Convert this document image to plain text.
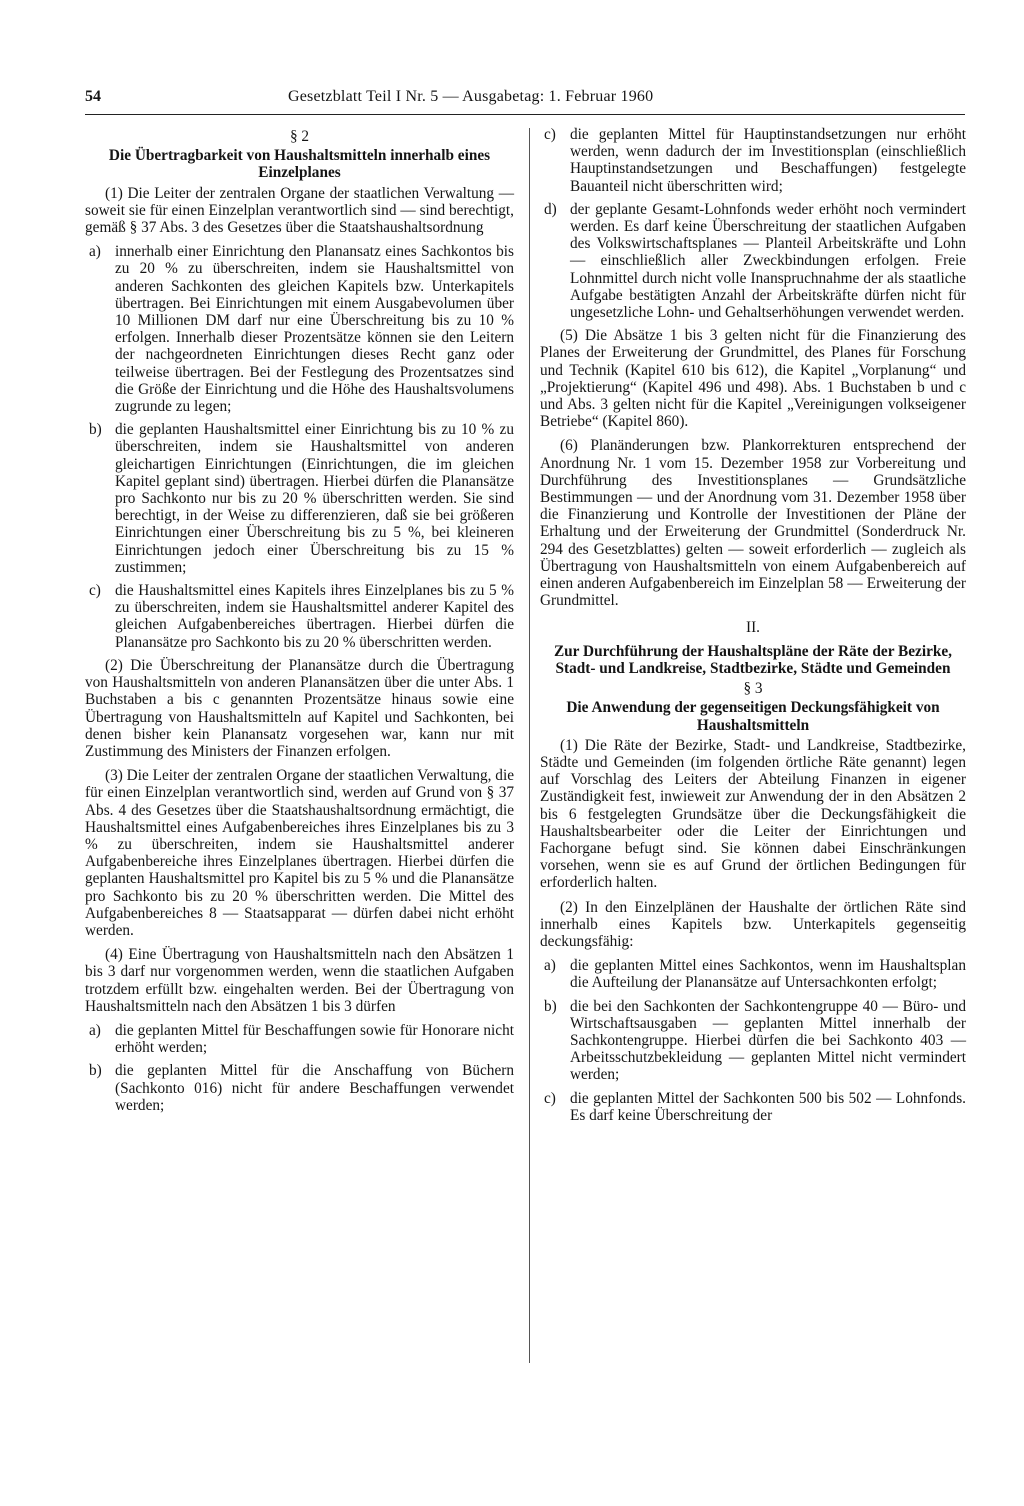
54	Gesetzblatt Teil I Nr. 5 — Ausgabetag: 1. Februar 1960
§ 2
Die Übertragbarkeit von Haushaltsmitteln innerhalb eines Einzelplanes

(1) Die Leiter der zentralen Organe der staatlichen Verwaltung — soweit sie für einen Einzelplan verantwortlich sind — sind berechtigt, gemäß § 37 Abs. 3 des Gesetzes über die Staatshaushaltsordnung

a) innerhalb einer Einrichtung den Planansatz eines Sachkontos bis zu 20 % zu überschreiten, indem sie Haushaltsmittel von anderen Sachkonten des gleichen Kapitels bzw. Unterkapitels übertragen. Bei Einrichtungen mit einem Ausgabevolumen über 10 Millionen DM darf nur eine Überschreitung bis zu 10 % erfolgen. Innerhalb dieser Prozentsätze können sie den Leitern der nachgeordneten Einrichtungen dieses Recht ganz oder teilweise übertragen. Bei der Festlegung des Prozentsatzes sind die Größe der Einrichtung und die Höhe des Haushaltsvolumens zugrunde zu legen;
b) die geplanten Haushaltsmittel einer Einrichtung bis zu 10 % zu überschreiten, indem sie Haushaltsmittel von anderen gleichartigen Einrichtungen (Einrichtungen, die im gleichen Kapitel geplant sind) übertragen. Hierbei dürfen die Planansätze pro Sachkonto nur bis zu 20 % überschritten werden. Sie sind berechtigt, in der Weise zu differenzieren, daß sie bei größeren Einrichtungen einer Überschreitung bis zu 5 %, bei kleineren Einrichtungen jedoch einer Überschreitung bis zu 15 % zustimmen;
c) die Haushaltsmittel eines Kapitels ihres Einzelplanes bis zu 5 % zu überschreiten, indem sie Haushaltsmittel anderer Kapitel des gleichen Aufgabenbereiches übertragen. Hierbei dürfen die Planansätze pro Sachkonto bis zu 20 % überschritten werden.

(2) Die Überschreitung der Planansätze durch die Übertragung von Haushaltsmitteln von anderen Planansätzen über die unter Abs. 1 Buchstaben a bis c genannten Prozentsätze hinaus sowie eine Übertragung von Haushaltsmitteln auf Kapitel und Sachkonten, bei denen bisher kein Planansatz vorgesehen war, kann nur mit Zustimmung des Ministers der Finanzen erfolgen.

(3) Die Leiter der zentralen Organe der staatlichen Verwaltung, die für einen Einzelplan verantwortlich sind, werden auf Grund von § 37 Abs. 4 des Gesetzes über die Staatshaushaltsordnung ermächtigt, die Haushaltsmittel eines Aufgabenbereiches ihres Einzelplanes bis zu 3 % zu überschreiten, indem sie Haushaltsmittel anderer Aufgabenbereiche ihres Einzelplanes übertragen. Hierbei dürfen die geplanten Haushaltsmittel pro Kapitel bis zu 5 % und die Planansätze pro Sachkonto bis zu 20 % überschritten werden. Die Mittel des Aufgabenbereiches 8 — Staatsapparat — dürfen dabei nicht erhöht werden.

(4) Eine Übertragung von Haushaltsmitteln nach den Absätzen 1 bis 3 darf nur vorgenommen werden, wenn die staatlichen Aufgaben trotzdem erfüllt bzw. eingehalten werden. Bei der Übertragung von Haushaltsmitteln nach den Absätzen 1 bis 3 dürfen

a) die geplanten Mittel für Beschaffungen sowie für Honorare nicht erhöht werden;
b) die geplanten Mittel für die Anschaffung von Büchern (Sachkonto 016) nicht für andere Beschaffungen verwendet werden;
c) die geplanten Mittel für Hauptinstandsetzungen nur erhöht werden, wenn dadurch der im Investitionsplan (einschließlich Hauptinstandsetzungen und Beschaffungen) festgelegte Bauanteil nicht überschritten wird;
d) der geplante Gesamt-Lohnfonds weder erhöht noch vermindert werden. Es darf keine Überschreitung der staatlichen Aufgaben des Volkswirtschaftsplanes — Planteil Arbeitskräfte und Lohn — einschließlich aller Zweckbindungen erfolgen. Freie Lohnmittel durch nicht volle Inanspruchnahme der als staatliche Aufgabe bestätigten Anzahl der Arbeitskräfte dürfen nicht für ungesetzliche Lohn- und Gehaltserhöhungen verwendet werden.

(5) Die Absätze 1 bis 3 gelten nicht für die Finanzierung des Planes der Erweiterung der Grundmittel, des Planes für Forschung und Technik (Kapitel 610 bis 612), die Kapitel „Vorplanung“ und „Projektierung“ (Kapitel 496 und 498). Abs. 1 Buchstaben b und c und Abs. 3 gelten nicht für die Kapitel „Vereinigungen volkseigener Betriebe“ (Kapitel 860).

(6) Planänderungen bzw. Plankorrekturen entsprechend der Anordnung Nr. 1 vom 15. Dezember 1958 zur Vorbereitung und Durchführung des Investitionsplanes — Grundsätzliche Bestimmungen — und der Anordnung vom 31. Dezember 1958 über die Finanzierung und Kontrolle der Investitionen der Pläne der Erhaltung und der Erweiterung der Grundmittel (Sonderdruck Nr. 294 des Gesetzblattes) gelten — soweit erforderlich — zugleich als Übertragung von Haushaltsmitteln von einem Aufgabenbereich auf einen anderen Aufgabenbereich im Einzelplan 58 — Erweiterung der Grundmittel.

II.
Zur Durchführung der Haushaltspläne der Räte der Bezirke, Stadt- und Landkreise, Stadtbezirke, Städte und Gemeinden
§ 3
Die Anwendung der gegenseitigen Deckungsfähigkeit von Haushaltsmitteln

(1) Die Räte der Bezirke, Stadt- und Landkreise, Stadtbezirke, Städte und Gemeinden (im folgenden örtliche Räte genannt) legen auf Vorschlag des Leiters der Abteilung Finanzen in eigener Zuständigkeit fest, inwieweit zur Anwendung der in den Absätzen 2 bis 6 festgelegten Grundsätze über die Deckungsfähigkeit die Haushaltsbearbeiter oder die Leiter der Einrichtungen und Fachorgane befugt sind. Sie können dabei Einschränkungen vorsehen, wenn sie es auf Grund der örtlichen Bedingungen für erforderlich halten.

(2) In den Einzelplänen der Haushalte der örtlichen Räte sind innerhalb eines Kapitels bzw. Unterkapitels gegenseitig deckungsfähig:

a) die geplanten Mittel eines Sachkontos, wenn im Haushaltsplan die Aufteilung der Planansätze auf Untersachkonten erfolgt;
b) die bei den Sachkonten der Sachkontengruppe 40 — Büro- und Wirtschaftsausgaben — geplanten Mittel innerhalb der Sachkontengruppe. Hierbei dürfen die bei Sachkonto 403 — Arbeitsschutzbekleidung — geplanten Mittel nicht vermindert werden;
c) die geplanten Mittel der Sachkonten 500 bis 502 — Lohnfonds. Es darf keine Überschreitung der
